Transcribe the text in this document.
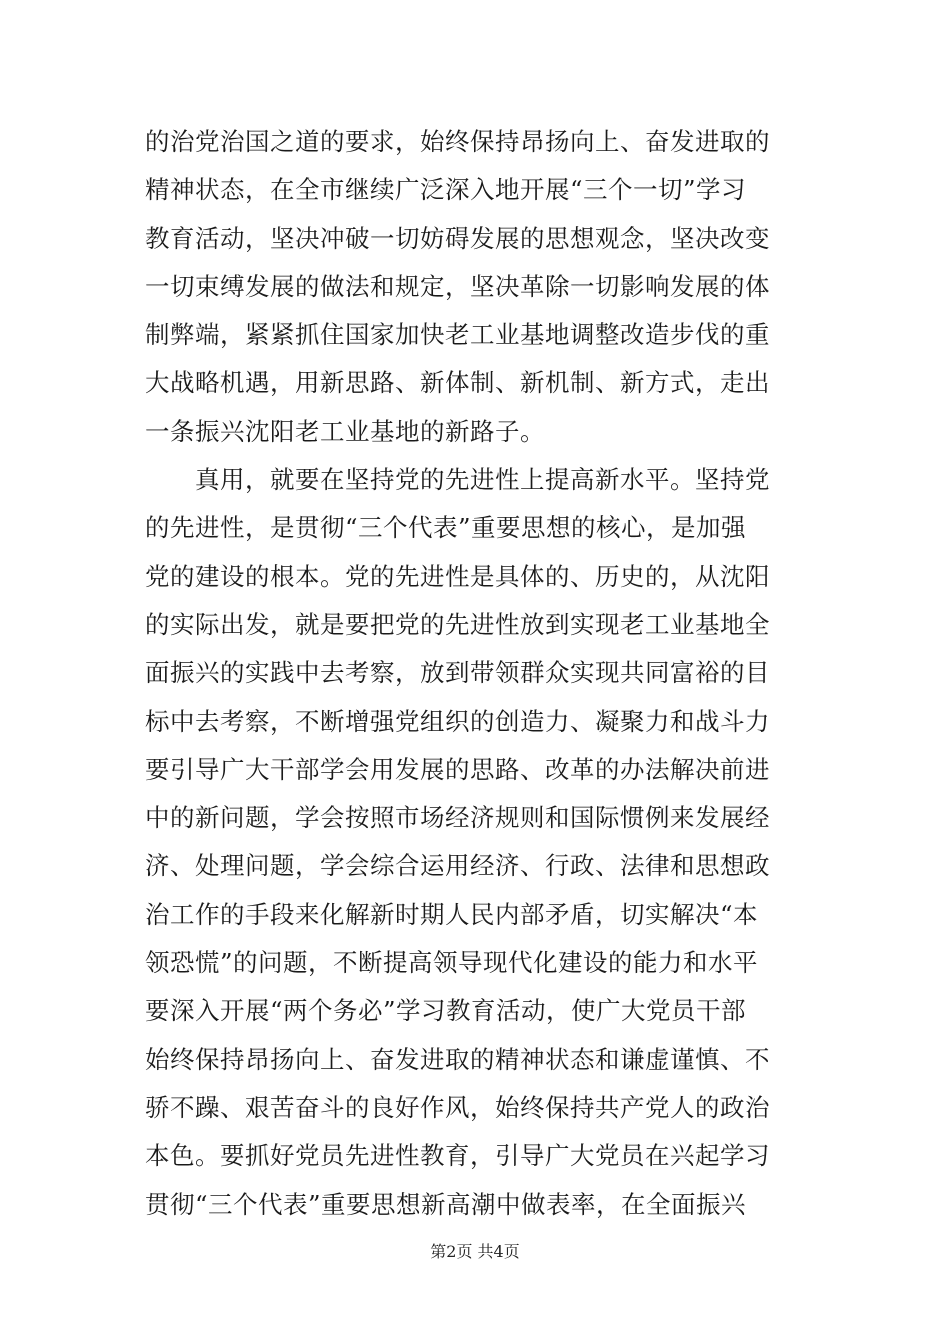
的治党治国之道的要求，始终保持昂扬向上、奋发进取的
精神状态，在全市继续广泛深入地开展“三个一切”学习
教育活动，坚决冲破一切妨碍发展的思想观念，坚决改变
一切束缚发展的做法和规定，坚决革除一切影响发展的体
制弊端，紧紧抓住国家加快老工业基地调整改造步伐的重
大战略机遇，用新思路、新体制、新机制、新方式，走出
一条振兴沈阳老工业基地的新路子。
真用，就要在坚持党的先进性上提高新水平。坚持党
的先进性，是贯彻“三个代表”重要思想的核心，是加强
党的建设的根本。党的先进性是具体的、历史的，从沈阳
的实际出发，就是要把党的先进性放到实现老工业基地全
面振兴的实践中去考察，放到带领群众实现共同富裕的目
标中去考察，不断增强党组织的创造力、凝聚力和战斗力
要引导广大干部学会用发展的思路、改革的办法解决前进
中的新问题，学会按照市场经济规则和国际惯例来发展经
济、处理问题，学会综合运用经济、行政、法律和思想政
治工作的手段来化解新时期人民内部矛盾，切实解决“本
领恐慌”的问题，不断提高领导现代化建设的能力和水平
要深入开展“两个务必”学习教育活动，使广大党员干部
始终保持昂扬向上、奋发进取的精神状态和谦虚谨慎、不
骄不躁、艰苦奋斗的良好作风，始终保持共产党人的政治
本色。要抓好党员先进性教育，引导广大党员在兴起学习
贯彻“三个代表”重要思想新高潮中做表率，在全面振兴
第2页 共4页
